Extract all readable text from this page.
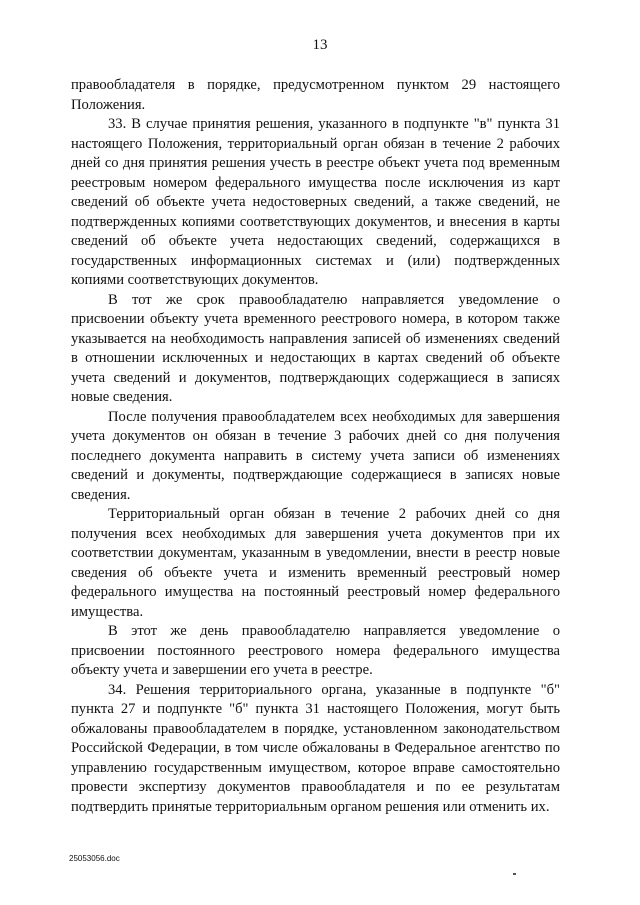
13

правообладателя в порядке, предусмотренном пунктом 29 настоящего Положения.

33. В случае принятия решения, указанного в подпункте "в" пункта 31 настоящего Положения, территориальный орган обязан в течение 2 рабочих дней со дня принятия решения учесть в реестре объект учета под временным реестровым номером федерального имущества после исключения из карт сведений об объекте учета недостоверных сведений, а также сведений, не подтвержденных копиями соответствующих документов, и внесения в карты сведений об объекте учета недостающих сведений, содержащихся в государственных информационных системах и (или) подтвержденных копиями соответствующих документов.

В тот же срок правообладателю направляется уведомление о присвоении объекту учета временного реестрового номера, в котором также указывается на необходимость направления записей об изменениях сведений в отношении исключенных и недостающих в картах сведений об объекте учета сведений и документов, подтверждающих содержащиеся в записях новые сведения.

После получения правообладателем всех необходимых для завершения учета документов он обязан в течение 3 рабочих дней со дня получения последнего документа направить в систему учета записи об изменениях сведений и документы, подтверждающие содержащиеся в записях новые сведения.

Территориальный орган обязан в течение 2 рабочих дней со дня получения всех необходимых для завершения учета документов при их соответствии документам, указанным в уведомлении, внести в реестр новые сведения об объекте учета и изменить временный реестровый номер федерального имущества на постоянный реестровый номер федерального имущества.

В этот же день правообладателю направляется уведомление о присвоении постоянного реестрового номера федерального имущества объекту учета и завершении его учета в реестре.

34. Решения территориального органа, указанные в подпункте "б" пункта 27 и подпункте "б" пункта 31 настоящего Положения, могут быть обжалованы правообладателем в порядке, установленном законодательством Российской Федерации, в том числе обжалованы в Федеральное агентство по управлению государственным имуществом, которое вправе самостоятельно провести экспертизу документов правообладателя и по ее результатам подтвердить принятые территориальным органом решения или отменить их.

25053056.doc
